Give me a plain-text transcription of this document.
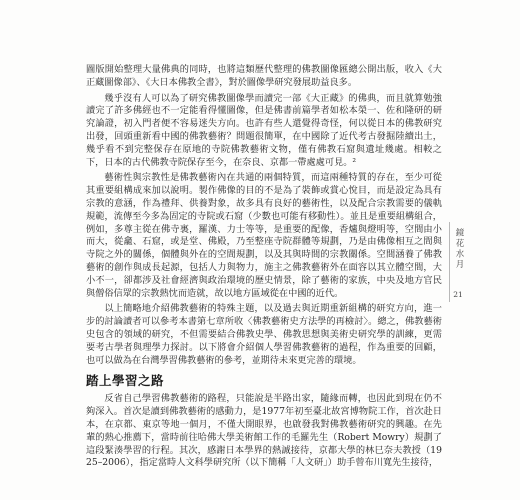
圖版開始整理大量佛典的同時，也將這類歷代整理的佛教圖像匯總公開出版，收入《大正藏圖像部》、《大日本佛教全書》，對於圖像學研究發展助益良多。

幾乎沒有人可以為了研究佛教圖像學而讀完一部《大正藏》的佛典，而且就算勉強讀完了許多佛經也不一定能看得懂圖像，但是佛書前篇學者如松本榮一、佐和隆研的研究論證，初入門者便不容易迷失方向。也許有些人還覺得奇怪，何以從日本的佛教研究出發，回頭重新看中國的佛教藝術？問題很簡單，在中國除了近代考古發掘陸續出土，幾乎看不到完整保存在原地的寺院佛教藝術文物，僅有佛教石窟與遺址幾處。相較之下，日本的古代佛教寺院保存至今，在奈良、京都一帶處處可見。²

藝術性與宗教性是佛教藝術內在共通的兩個特質，而這兩種特質的存在，至少可從其重要組構成來加以說明。製作佛像的目的不是為了裝飾或賞心悅目，而是設定為具有宗教的意涵，作為禮拜、供養對象，故多具有良好的藝術性，以及配合宗教需要的儀軌規範，流傳至今多為固定的寺院或石窟（少數也可能有移動性）。並且是重要組構組合，例如，多尊主從在佛寺裏，羅漢、力士等等，是重要的配像，香爐與燈明等，空間由小而大，從龕、石窟，或是堂、佛殿，乃至整座寺院群體等規劃，乃是由佛像相互之間與寺院之外的關係，個體與外在的空間規劃，以及其與時間的宗教關係。空間涵養了佛教藝術的創作與成長起源，包括人力與物力，施主之佛教藝術外在面容以其立體空間，大小不一，卻都涉及社會經濟與政治環境的歷史情景，除了藝術的家族，中央及地方官民與僧俗信眾的宗教熱忱而造就，故以地方區域從在中國的近代。

以上簡略地介紹佛教藝術的特殊主題，以及過去與近期重新組構的研究方向，進一步的討論讀者可以參考本書第七章所收〈佛教藝術史方法學的再檢討〉。總之，佛教藝術史包含的領域的研究，不但需要結合佛教史學、佛教思想與美術史研究學的訓練，更需要考古學者與理學力探討。以下將會介紹個人學習佛教藝術的過程，作為重要的回顧，也可以做為在台灣學習佛教藝術的參考，並期待未來更完善的環境。

踏上學習之路

反省自己學習佛教藝術的路程，只能說是半路出家，隨緣而轉，也因此到現在仍不夠深入。首次是讀到佛教藝術的感動力，是1977年初至臺北故宮博物院工作，首次赴日本，在京都、東京等地一個月，不僅大開眼界，也啟發我對佛教藝術研究的興趣。在先輩的熱心推薦下，當時前往哈佛大學美術館工作的毛羅先生（Robert Mowry）規劃了這段緊湊學習的行程。其次，感謝日本學界的熱誠接待，京都大學的林巳奈夫教授（1925–2006），指定當時人文科學研究所（以下簡稱「人文研」）助手曾布川寬先生接待，

鏡花水月
21
